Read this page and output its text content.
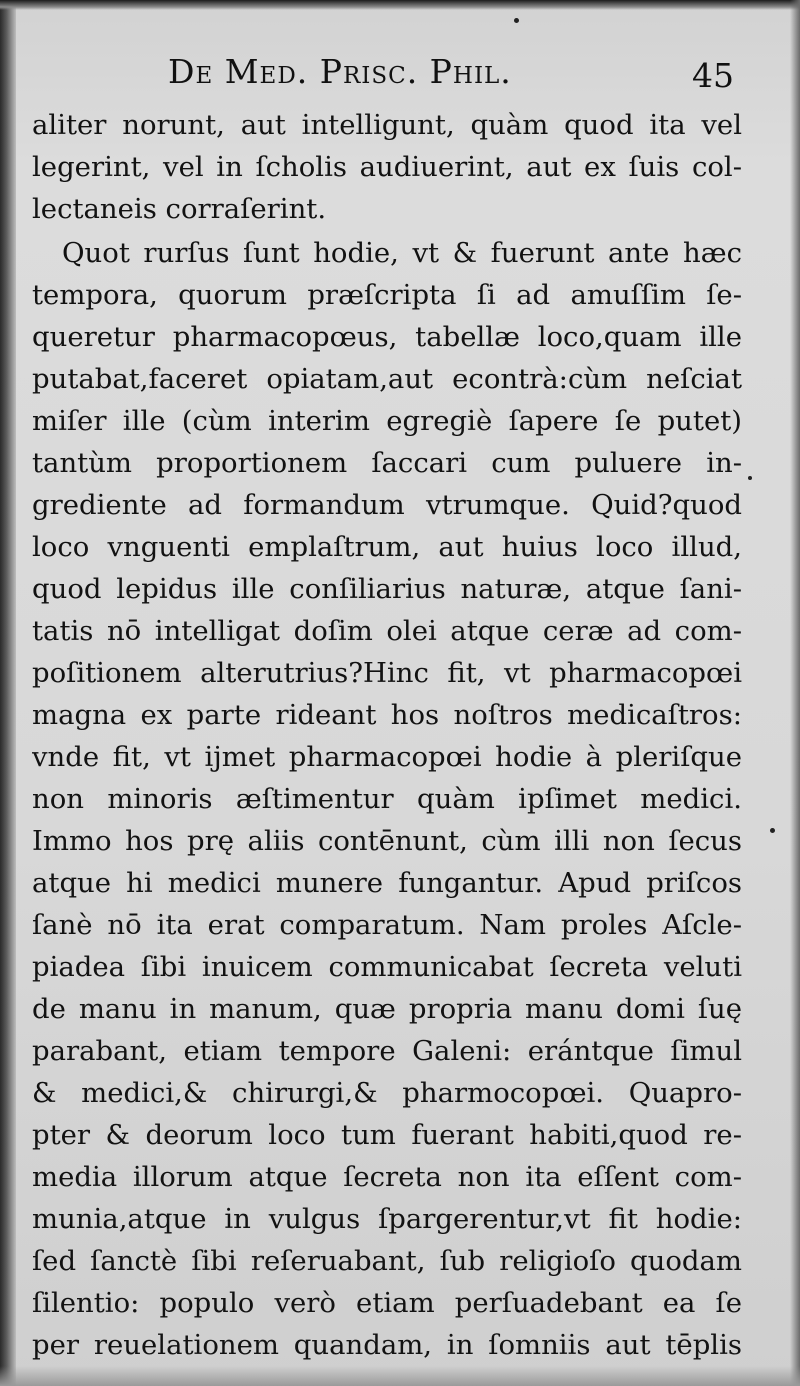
De Med. Prisc. Phil.	45
aliter norunt, aut intelligunt, quàm quod ita vel
legerint, vel in ſcholis audiuerint, aut ex ſuis col-
lectaneis corraſerint.
Quot rurſus ſunt hodie, vt & fuerunt ante hæc
tempora, quorum præſcripta ſi ad amuſſim ſe-
queretur pharmacopœus, tabellæ loco,quam ille
putabat,faceret opiatam,aut econtrà:cùm neſciat
miſer ille (cùm interim egregiè ſapere ſe putet)
tantùm proportionem ſaccari cum puluere in-
grediente ad formandum vtrumque. Quid?quod
loco vnguenti emplaſtrum, aut huius loco illud,
quod lepidus ille conſiliarius naturæ, atque ſani-
tatis nō intelligat doſim olei atque ceræ ad com-
poſitionem alterutrius?Hinc fit, vt pharmacopœi
magna ex parte rideant hos noſtros medicaſtros:
vnde fit, vt ijmet pharmacopœi hodie à pleriſque
non minoris æſtimentur quàm ipſimet medici.
Immo hos prę aliis contēnunt, cùm illi non ſecus
atque hi medici munere fungantur. Apud priſcos
ſanè nō ita erat comparatum. Nam proles Aſcle-
piadea ſibi inuicem communicabat ſecreta veluti
de manu in manum, quæ propria manu domi ſuę
parabant, etiam tempore Galeni: erántque ſimul
& medici,& chirurgi,& pharmocopœi. Quapro-
pter & deorum loco tum fuerant habiti,quod re-
media illorum atque ſecreta non ita eſſent com-
munia,atque in vulgus ſpargerentur,vt fit hodie:
ſed ſanctè ſibi reſeruabant, ſub religioſo quodam
ſilentio: populo verò etiam perſuadebant ea ſe
per reuelationem quandam, in ſomniis aut tēplis
